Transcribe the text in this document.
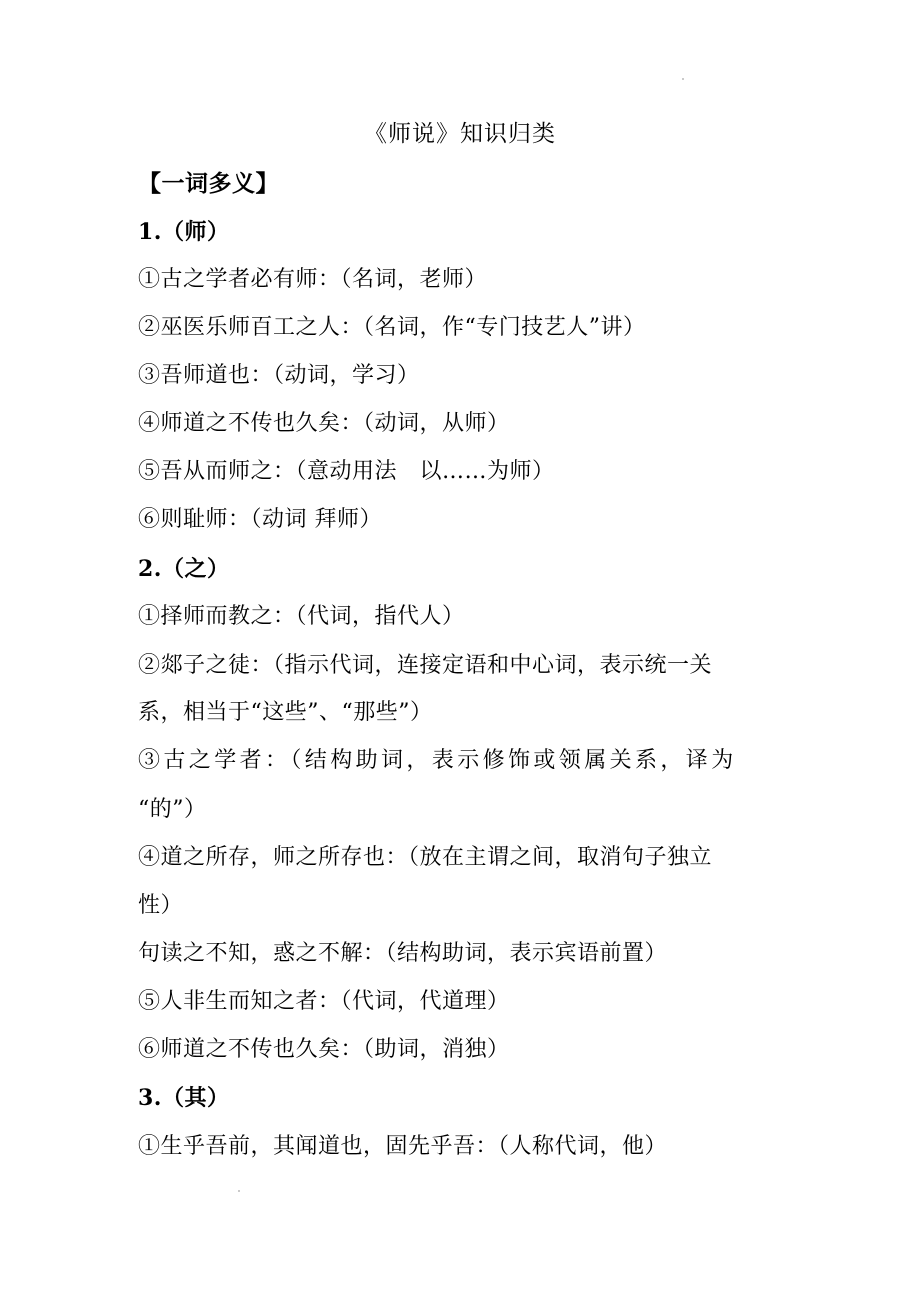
《师说》知识归类
【一词多义】
1.（师）
①古之学者必有师：（名词，老师）
②巫医乐师百工之人：（名词，作“专门技艺人”讲）
③吾师道也：（动词，学习）
④师道之不传也久矣：（动词，从师）
⑤吾从而师之：（意动用法　以……为师）
⑥则耻师：（动词 拜师）
2.（之）
①择师而教之：（代词，指代人）
②郯子之徒：（指示代词，连接定语和中心词，表示统一关
系，相当于“这些”、“那些”）
③古之学者：（结构助词，表示修饰或领属关系，译为
“的”）
④道之所存，师之所存也：（放在主谓之间，取消句子独立
性）
句读之不知，惑之不解：（结构助词，表示宾语前置）
⑤人非生而知之者：（代词，代道理）
⑥师道之不传也久矣：（助词，消独）
3.（其）
①生乎吾前，其闻道也，固先乎吾：（人称代词，他）
